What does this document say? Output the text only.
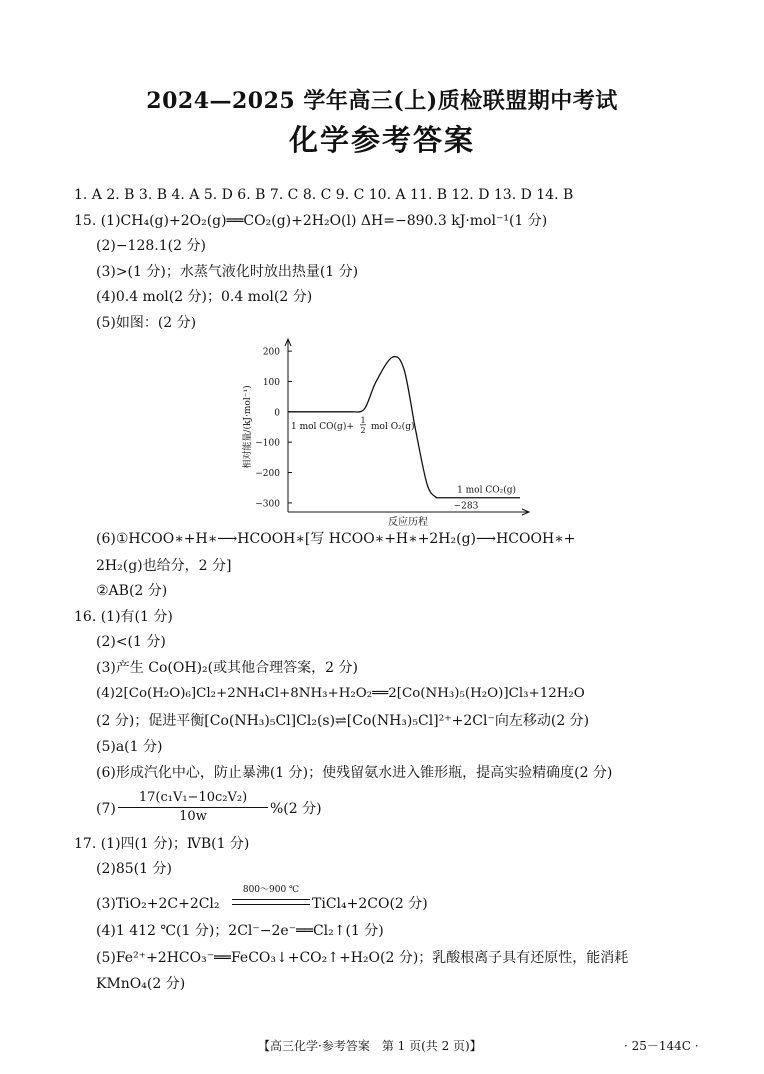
2024—2025 学年高三(上)质检联盟期中考试
化学参考答案
1. A 2. B 3. B 4. A 5. D 6. B 7. C 8. C 9. C 10. A 11. B 12. D 13. D 14. B
15. (1)CH₄(g)+2O₂(g)══CO₂(g)+2H₂O(l) ΔH=−890.3 kJ·mol⁻¹(1 分)
(2)−128.1(2 分)
(3)>(1 分)；水蒸气液化时放出热量(1 分)
(4)0.4 mol(2 分)；0.4 mol(2 分)
(5)如图：(2 分)
200
100
0
−100
−200
−300
相对能量/(kJ·mol⁻¹)
反应历程
1 mol CO(g)+
1
2 mol O₂(g)
1 mol CO₂(g)
−283
(6)①HCOO∗+H∗⟶HCOOH∗[写 HCOO∗+H∗+2H₂(g)⟶HCOOH∗+
2H₂(g)也给分，2 分]
②AB(2 分)
16. (1)有(1 分)
(2)<(1 分)
(3)产生 Co(OH)₂(或其他合理答案，2 分)
(4)2[Co(H₂O)₆]Cl₂+2NH₄Cl+8NH₃+H₂O₂══2[Co(NH₃)₅(H₂O)]Cl₃+12H₂O
(2 分)；促进平衡[Co(NH₃)₅Cl]Cl₂(s)⇌[Co(NH₃)₅Cl]²⁺+2Cl⁻向左移动(2 分)
(5)a(1 分)
(6)形成汽化中心，防止暴沸(1 分)；使残留氨水进入锥形瓶，提高实验精确度(2 分)
(7)
17(c₁V₁−10c₂V₂)
10w	%(2 分)
17. (1)四(1 分)；ⅣB(1 分)
(2)85(1 分)
(3)TiO₂+2C+2Cl₂
800～900 ℃
TiCl₄+2CO(2 分)
(4)1 412 ℃(1 分)；2Cl⁻−2e⁻══Cl₂↑(1 分)
(5)Fe²⁺+2HCO₃⁻══FeCO₃↓+CO₂↑+H₂O(2 分)；乳酸根离子具有还原性，能消耗
KMnO₄(2 分)
【高三化学·参考答案　第 1 页(共 2 页)】	· 25－144C ·
